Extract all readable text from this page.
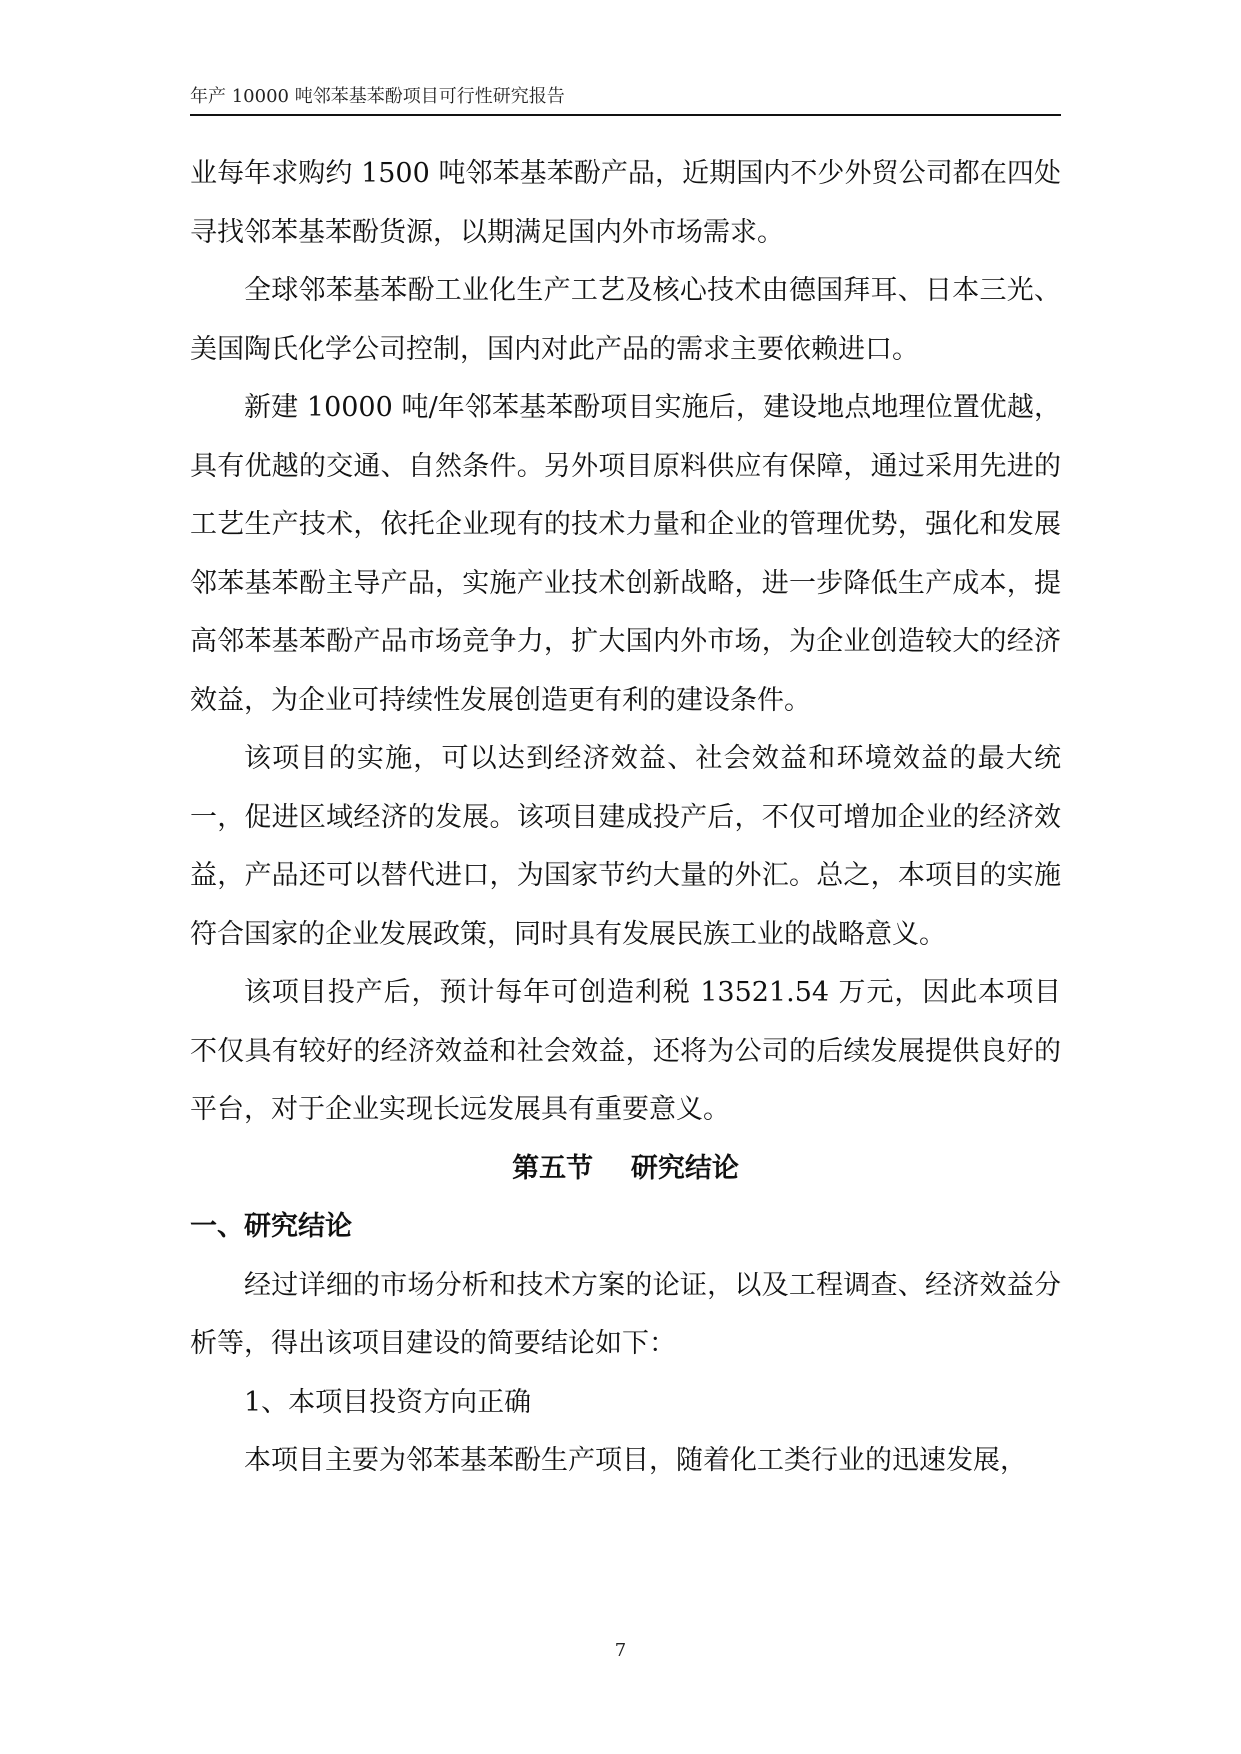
年产 10000 吨邻苯基苯酚项目可行性研究报告

业每年求购约 1500 吨邻苯基苯酚产品，近期国内不少外贸公司都在四处寻找邻苯基苯酚货源，以期满足国内外市场需求。

全球邻苯基苯酚工业化生产工艺及核心技术由德国拜耳、日本三光、美国陶氏化学公司控制，国内对此产品的需求主要依赖进口。

新建 10000 吨/年邻苯基苯酚项目实施后，建设地点地理位置优越，具有优越的交通、自然条件。另外项目原料供应有保障，通过采用先进的工艺生产技术，依托企业现有的技术力量和企业的管理优势，强化和发展邻苯基苯酚主导产品，实施产业技术创新战略，进一步降低生产成本，提高邻苯基苯酚产品市场竞争力，扩大国内外市场，为企业创造较大的经济效益，为企业可持续性发展创造更有利的建设条件。

该项目的实施，可以达到经济效益、社会效益和环境效益的最大统一，促进区域经济的发展。该项目建成投产后，不仅可增加企业的经济效益，产品还可以替代进口，为国家节约大量的外汇。总之，本项目的实施符合国家的企业发展政策，同时具有发展民族工业的战略意义。

该项目投产后，预计每年可创造利税 13521.54 万元，因此本项目不仅具有较好的经济效益和社会效益，还将为公司的后续发展提供良好的平台，对于企业实现长远发展具有重要意义。

第五节 研究结论

一、研究结论

经过详细的市场分析和技术方案的论证，以及工程调查、经济效益分析等，得出该项目建设的简要结论如下：

1、本项目投资方向正确

本项目主要为邻苯基苯酚生产项目，随着化工类行业的迅速发展，

7
